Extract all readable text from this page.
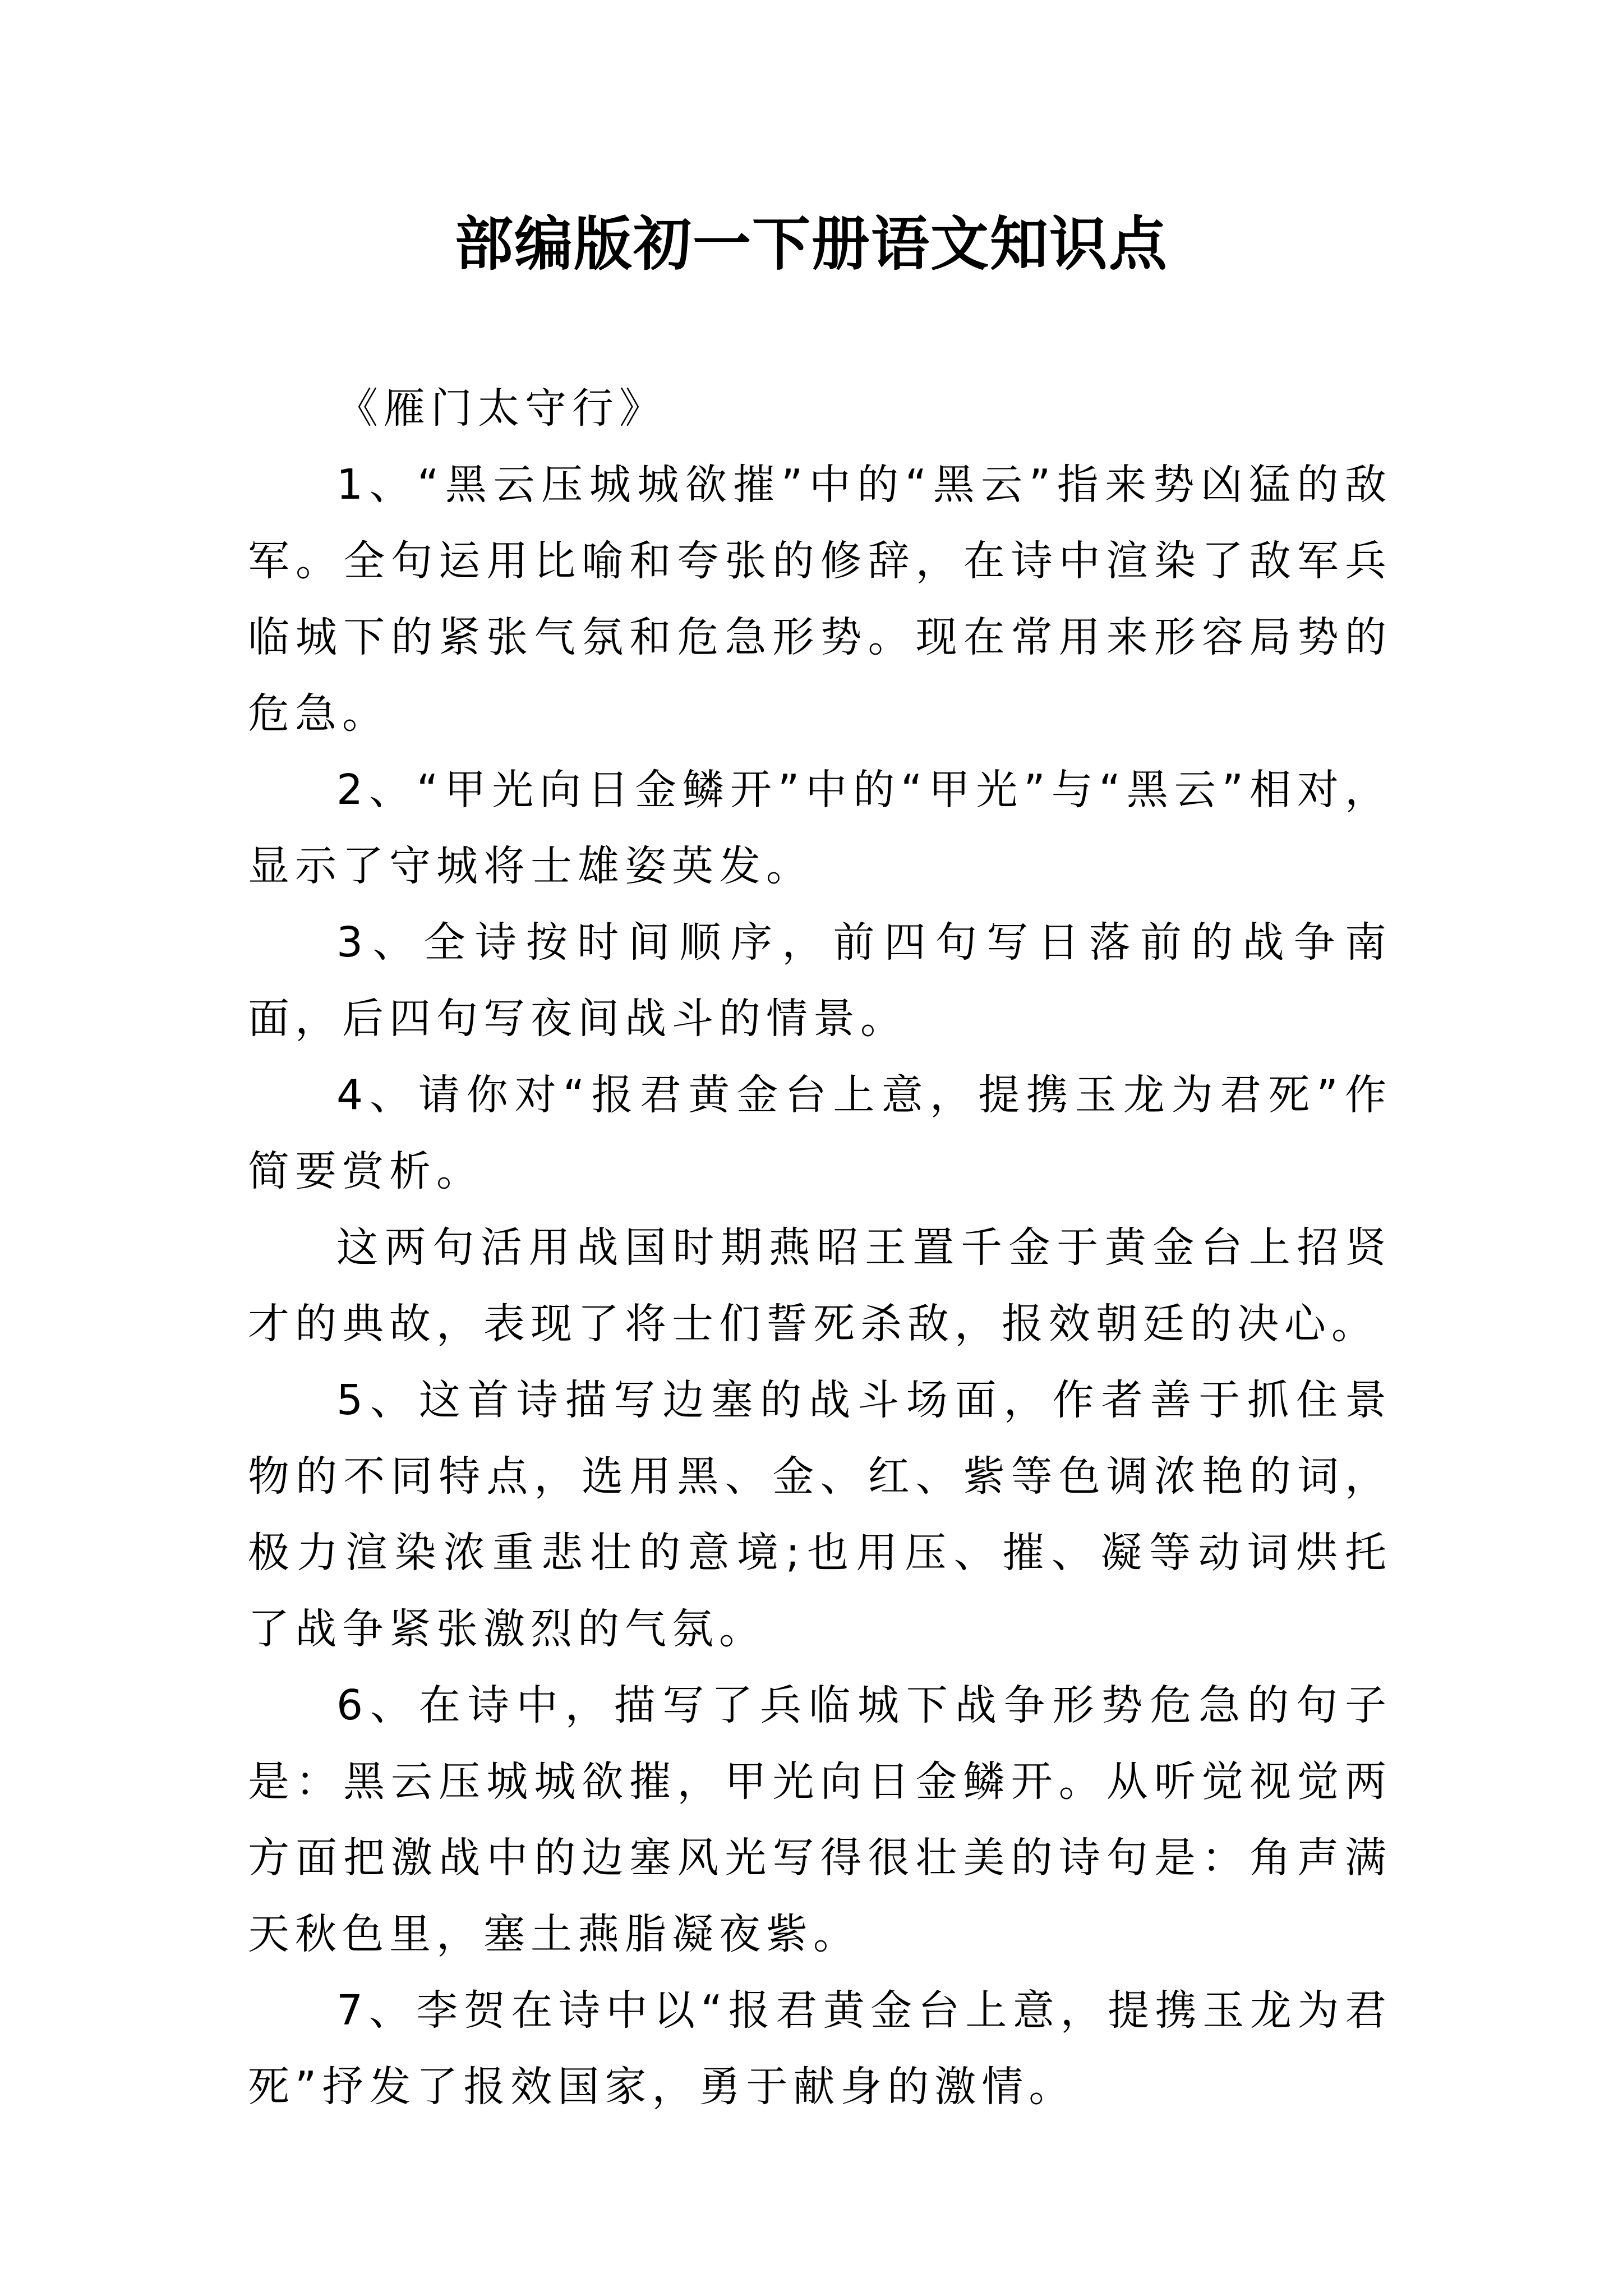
部编版初一下册语文知识点

《雁门太守行》

1、“黑云压城城欲摧”中的“黑云”指来势凶猛的敌军。全句运用比喻和夸张的修辞，在诗中渲染了敌军兵临城下的紧张气氛和危急形势。现在常用来形容局势的危急。

2、“甲光向日金鳞开”中的“甲光”与“黑云”相对，显示了守城将士雄姿英发。

3、全诗按时间顺序，前四句写日落前的战争南面，后四句写夜间战斗的情景。

4、请你对“报君黄金台上意，提携玉龙为君死”作简要赏析。

这两句活用战国时期燕昭王置千金于黄金台上招贤才的典故，表现了将士们誓死杀敌，报效朝廷的决心。

5、这首诗描写边塞的战斗场面，作者善于抓住景物的不同特点，选用黑、金、红、紫等色调浓艳的词，极力渲染浓重悲壮的意境;也用压、摧、凝等动词烘托了战争紧张激烈的气氛。

6、在诗中，描写了兵临城下战争形势危急的句子是：黑云压城城欲摧，甲光向日金鳞开。从听觉视觉两方面把激战中的边塞风光写得很壮美的诗句是：角声满天秋色里，塞土燕脂凝夜紫。

7、李贺在诗中以“报君黄金台上意，提携玉龙为君死”抒发了报效国家，勇于献身的激情。
